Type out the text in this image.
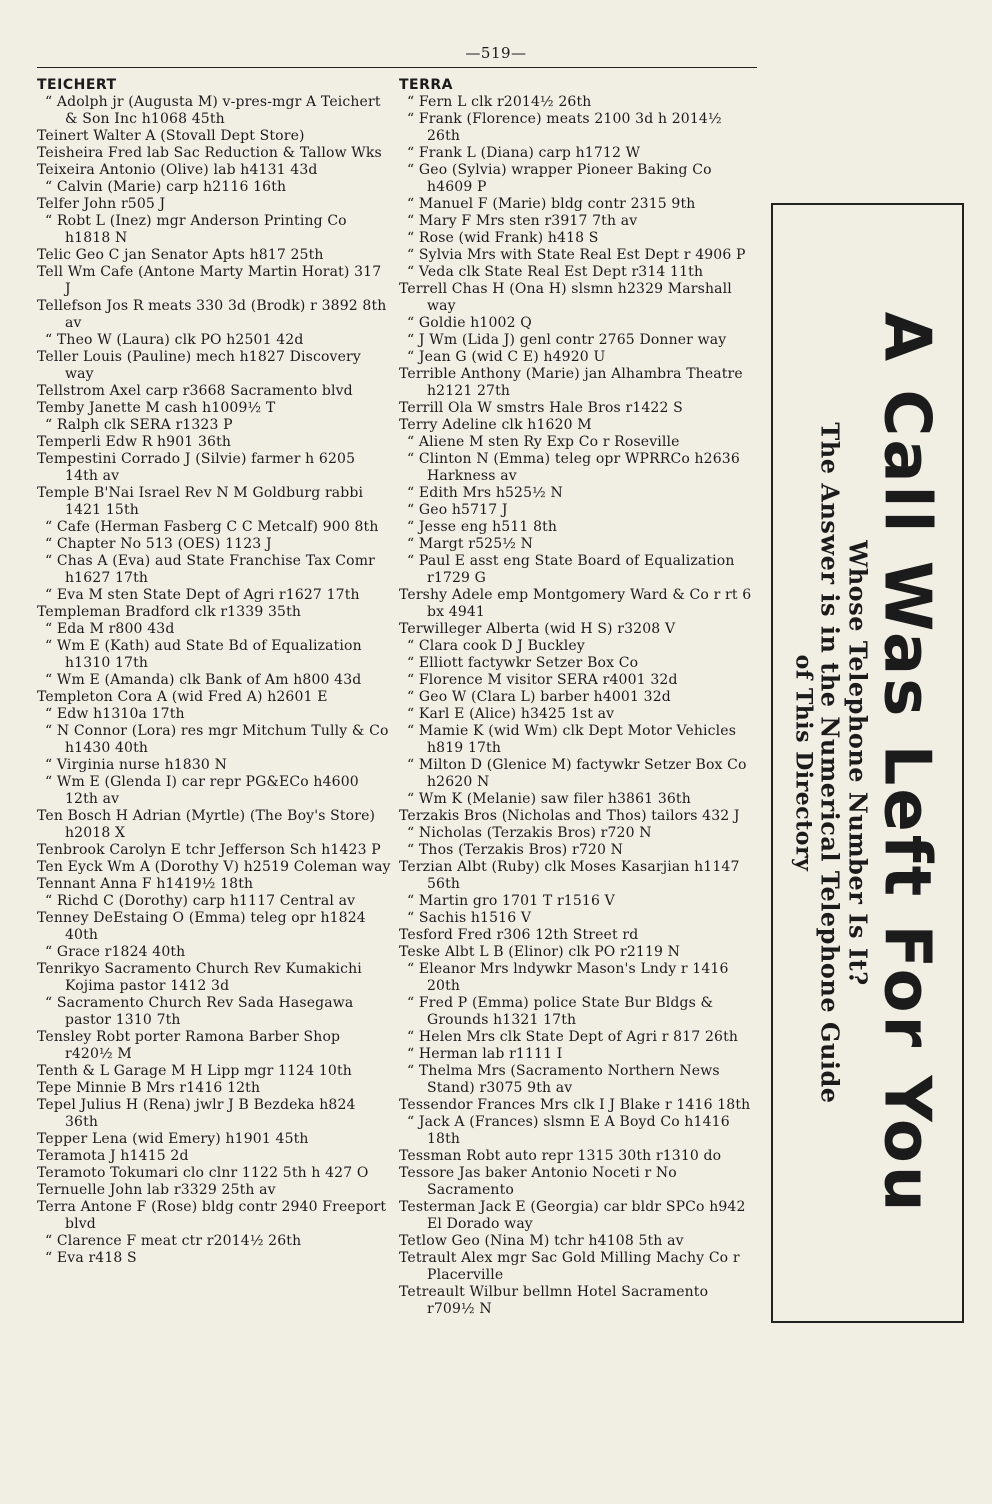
—519—
TEICHERT
“ Adolph jr (Augusta M) v-pres-mgr A Teichert & Son Inc h1068 45th
Teinert Walter A (Stovall Dept Store)
Teisheira Fred lab Sac Reduction & Tallow Wks
Teixeira Antonio (Olive) lab h4131 43d
“ Calvin (Marie) carp h2116 16th
Telfer John r505 J
“ Robt L (Inez) mgr Anderson Printing Co h1818 N
Telic Geo C jan Senator Apts h817 25th
Tell Wm Cafe (Antone Marty Martin Horat) 317 J
Tellefson Jos R meats 330 3d (Brodk) r 3892 8th av
“ Theo W (Laura) clk PO h2501 42d
Teller Louis (Pauline) mech h1827 Discovery way
Tellstrom Axel carp r3668 Sacramento blvd
Temby Janette M cash h1009½ T
“ Ralph clk SERA r1323 P
Temperli Edw R h901 36th
Tempestini Corrado J (Silvie) farmer h 6205 14th av
Temple B'Nai Israel Rev N M Goldburg rabbi 1421 15th
“ Cafe (Herman Fasberg C C Metcalf) 900 8th
“ Chapter No 513 (OES) 1123 J
“ Chas A (Eva) aud State Franchise Tax Comr h1627 17th
“ Eva M sten State Dept of Agri r1627 17th
Templeman Bradford clk r1339 35th
“ Eda M r800 43d
“ Wm E (Kath) aud State Bd of Equalization h1310 17th
“ Wm E (Amanda) clk Bank of Am h800 43d
Templeton Cora A (wid Fred A) h2601 E
“ Edw h1310a 17th
“ N Connor (Lora) res mgr Mitchum Tully & Co h1430 40th
“ Virginia nurse h1830 N
“ Wm E (Glenda I) car repr PG&ECo h4600 12th av
Ten Bosch H Adrian (Myrtle) (The Boy's Store) h2018 X
Tenbrook Carolyn E tchr Jefferson Sch h1423 P
Ten Eyck Wm A (Dorothy V) h2519 Coleman way
Tennant Anna F h1419½ 18th
“ Richd C (Dorothy) carp h1117 Central av
Tenney DeEstaing O (Emma) teleg opr h1824 40th
“ Grace r1824 40th
Tenrikyo Sacramento Church Rev Kumakichi Kojima pastor 1412 3d
“ Sacramento Church Rev Sada Hasegawa pastor 1310 7th
Tensley Robt porter Ramona Barber Shop r420½ M
Tenth & L Garage M H Lipp mgr 1124 10th
Tepe Minnie B Mrs r1416 12th
Tepel Julius H (Rena) jwlr J B Bezdeka h824 36th
Tepper Lena (wid Emery) h1901 45th
Teramota J h1415 2d
Teramoto Tokumari clo clnr 1122 5th h 427 O
Ternuelle John lab r3329 25th av
Terra Antone F (Rose) bldg contr 2940 Freeport blvd
“ Clarence F meat ctr r2014½ 26th
“ Eva r418 S
TERRA
“ Fern L clk r2014½ 26th
“ Frank (Florence) meats 2100 3d h 2014½ 26th
“ Frank L (Diana) carp h1712 W
“ Geo (Sylvia) wrapper Pioneer Baking Co h4609 P
“ Manuel F (Marie) bldg contr 2315 9th
“ Mary F Mrs sten r3917 7th av
“ Rose (wid Frank) h418 S
“ Sylvia Mrs with State Real Est Dept r 4906 P
“ Veda clk State Real Est Dept r314 11th
Terrell Chas H (Ona H) slsmn h2329 Marshall way
“ Goldie h1002 Q
“ J Wm (Lida J) genl contr 2765 Donner way
“ Jean G (wid C E) h4920 U
Terrible Anthony (Marie) jan Alhambra Theatre h2121 27th
Terrill Ola W smstrs Hale Bros r1422 S
Terry Adeline clk h1620 M
“ Aliene M sten Ry Exp Co r Roseville
“ Clinton N (Emma) teleg opr WPRRCo h2636 Harkness av
“ Edith Mrs h525½ N
“ Geo h5717 J
“ Jesse eng h511 8th
“ Margt r525½ N
“ Paul E asst eng State Board of Equalization r1729 G
Tershy Adele emp Montgomery Ward & Co r rt 6 bx 4941
Terwilleger Alberta (wid H S) r3208 V
“ Clara cook D J Buckley
“ Elliott factywkr Setzer Box Co
“ Florence M visitor SERA r4001 32d
“ Geo W (Clara L) barber h4001 32d
“ Karl E (Alice) h3425 1st av
“ Mamie K (wid Wm) clk Dept Motor Vehicles h819 17th
“ Milton D (Glenice M) factywkr Setzer Box Co h2620 N
“ Wm K (Melanie) saw filer h3861 36th
Terzakis Bros (Nicholas and Thos) tailors 432 J
“ Nicholas (Terzakis Bros) r720 N
“ Thos (Terzakis Bros) r720 N
Terzian Albt (Ruby) clk Moses Kasarjian h1147 56th
“ Martin gro 1701 T r1516 V
“ Sachis h1516 V
Tesford Fred r306 12th Street rd
Teske Albt L B (Elinor) clk PO r2119 N
“ Eleanor Mrs lndywkr Mason's Lndy r 1416 20th
“ Fred P (Emma) police State Bur Bldgs & Grounds h1321 17th
“ Helen Mrs clk State Dept of Agri r 817 26th
“ Herman lab r1111 I
“ Thelma Mrs (Sacramento Northern News Stand) r3075 9th av
Tessendor Frances Mrs clk I J Blake r 1416 18th
“ Jack A (Frances) slsmn E A Boyd Co h1416 18th
Tessman Robt auto repr 1315 30th r1310 do
Tessore Jas baker Antonio Noceti r No Sacramento
Testerman Jack E (Georgia) car bldr SPCo h942 El Dorado way
Tetlow Geo (Nina M) tchr h4108 5th av
Tetrault Alex mgr Sac Gold Milling Machy Co r Placerville
Tetreault Wilbur bellmn Hotel Sacramento r709½ N
A Call Was Left For You
Whose Telephone Number Is It?
The Answer is in the Numerical Telephone Guide
of This Directory
